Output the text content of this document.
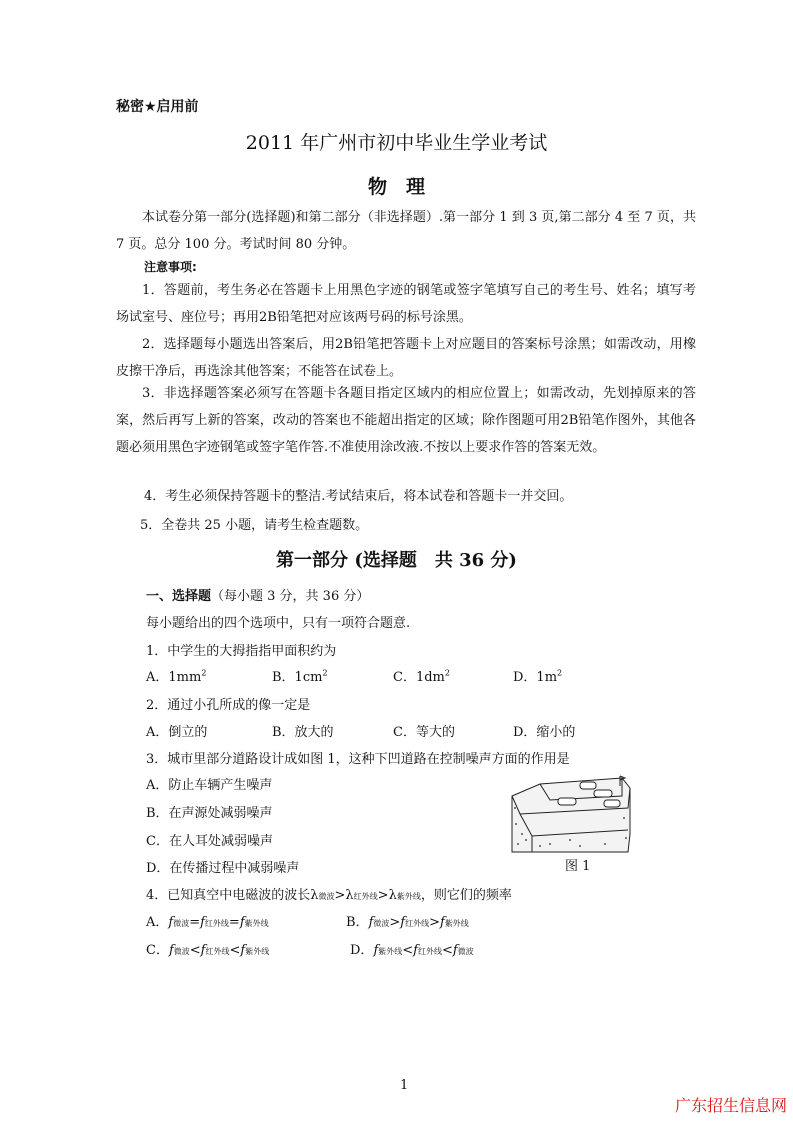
秘密★启用前
2011 年广州市初中毕业生学业考试
物　理
本试卷分第一部分(选择题)和第二部分（非选择题）.第一部分 1 到 3 页,第二部分 4 至 7 页，共 7 页。总分 100 分。考试时间 80 分钟。
注意事项:
1．答题前，考生务必在答题卡上用黑色字迹的钢笔或签字笔填写自己的考生号、姓名；填写考场试室号、座位号；再用2B铅笔把对应该两号码的标号涂黑。
2．选择题每小题选出答案后，用2B铅笔把答题卡上对应题目的答案标号涂黑；如需改动，用橡皮擦干净后，再选涂其他答案；不能答在试卷上。
3．非选择题答案必须写在答题卡各题目指定区域内的相应位置上；如需改动，先划掉原来的答案，然后再写上新的答案，改动的答案也不能超出指定的区域；除作图题可用2B铅笔作图外，其他各题必须用黑色字迹钢笔或签字笔作答.不准使用涂改液.不按以上要求作答的答案无效。
4．考生必须保持答题卡的整洁.考试结束后，将本试卷和答题卡一并交回。
5．全卷共 25 小题，请考生检查题数。
第一部分 (选择题　共 36 分)
一、选择题（每小题 3 分，共 36 分）
每小题给出的四个选项中，只有一项符合题意.
1．中学生的大拇指指甲面积约为
A．$1mm^2$	B．$1cm^2$	C．$1dm^2$	D．$1m^2$
2．通过小孔所成的像一定是
A．倒立的	B．放大的	C．等大的	D．缩小的
3．城市里部分道路设计成如图 1，这种下凹道路在控制噪声方面的作用是
A．防止车辆产生噪声
B．在声源处减弱噪声
C．在人耳处减弱噪声
D．在传播过程中减弱噪声	图 1
4．已知真空中电磁波的波长λ微波>λ红外线>λ紫外线，则它们的频率
A．f微波=f红外线=f紫外线	B．f微波>f红外线>f紫外线
C．f微波<f红外线<f紫外线	D．f紫外线<f红外线<f微波
1
广东招生信息网
